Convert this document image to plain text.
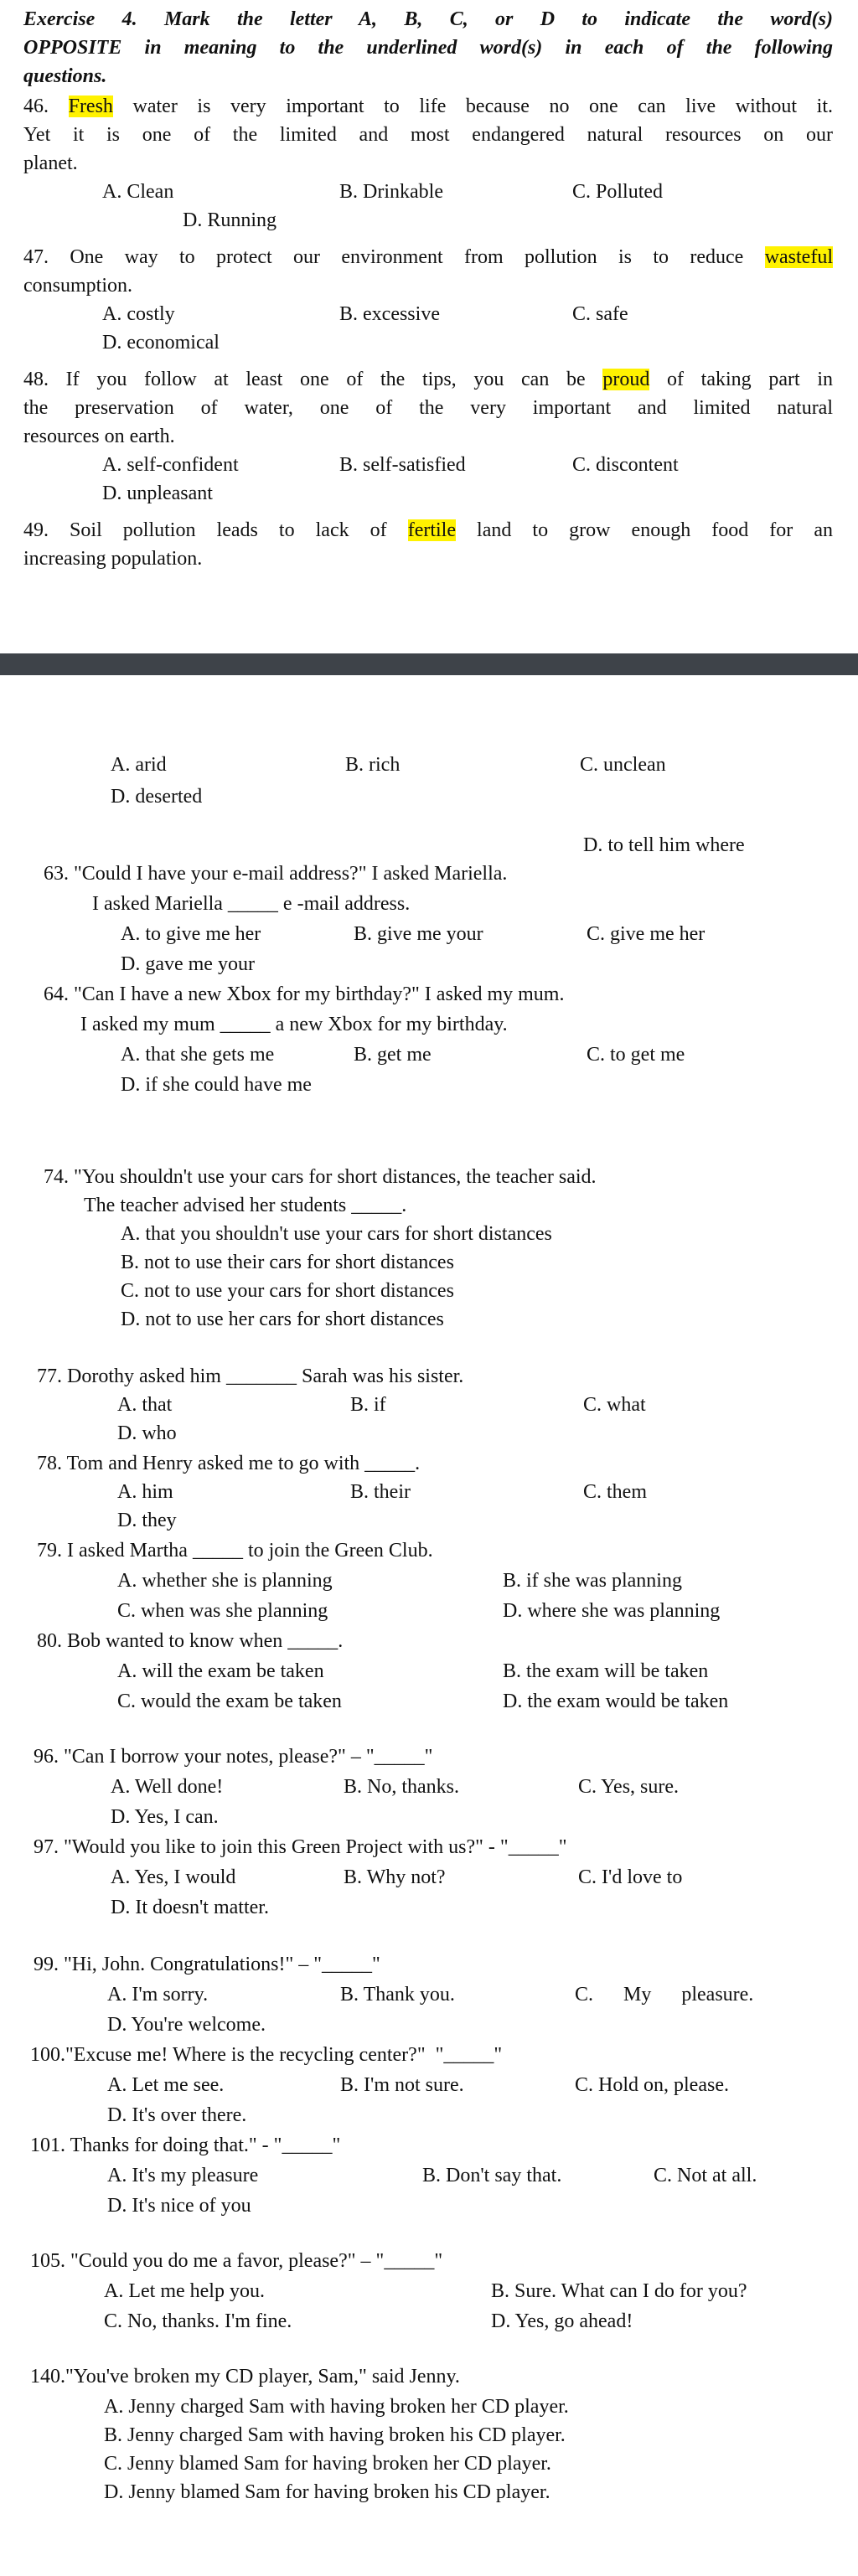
Exercise 4. Mark the letter A, B, C, or D to indicate the word(s)
OPPOSITE in meaning to the underlined word(s) in each of the following
questions.
46. Fresh water is very important to life because no one can live without it.
Yet it is one of the limited and most endangered natural resources on our
planet.
A. Clean	B. Drinkable	C. Polluted
D. Running
47. One way to protect our environment from pollution is to reduce wasteful
consumption.
A. costly	B. excessive	C. safe
D. economical
48. If you follow at least one of the tips, you can be proud of taking part in
the preservation of water, one of the very important and limited natural
resources on earth.
A. self-confident	B. self-satisfied	C. discontent
D. unpleasant
49. Soil pollution leads to lack of fertile land to grow enough food for an
increasing population.
A. arid	B. rich	C. unclean
D. deserted
D. to tell him where
63. "Could I have your e-mail address?" I asked Mariella.
I asked Mariella _____ e -mail address.
A. to give me her	B. give me your	C. give me her
D. gave me your
64. "Can I have a new Xbox for my birthday?" I asked my mum.
I asked my mum _____ a new Xbox for my birthday.
A. that she gets me	B. get me	C. to get me
D. if she could have me
74. "You shouldn't use your cars for short distances, the teacher said.
The teacher advised her students _____.
A. that you shouldn't use your cars for short distances
B. not to use their cars for short distances
C. not to use your cars for short distances
D. not to use her cars for short distances
77. Dorothy asked him _______ Sarah was his sister.
A. that	B. if	C. what
D. who
78. Tom and Henry asked me to go with _____.
A. him	B. their	C. them
D. they
79. I asked Martha _____ to join the Green Club.
A. whether she is planning	B. if she was planning
C. when was she planning	D. where she was planning
80. Bob wanted to know when _____.
A. will the exam be taken	B. the exam will be taken
C. would the exam be taken	D. the exam would be taken
96. "Can I borrow your notes, please?" – "_____"
A. Well done!	B. No, thanks.	C. Yes, sure.
D. Yes, I can.
97. "Would you like to join this Green Project with us?" - "_____"
A. Yes, I would	B. Why not?	C. I'd love to
D. It doesn't matter.
99. "Hi, John. Congratulations!" – "_____"
A. I'm sorry.	B. Thank you.	C.      My      pleasure.
D. You're welcome.
100."Excuse me! Where is the recycling center?"  "_____"
A. Let me see.	B. I'm not sure.	C. Hold on, please.
D. It's over there.
101. Thanks for doing that." - "_____"
A. It's my pleasure	B. Don't say that.	C. Not at all.
D. It's nice of you
105. "Could you do me a favor, please?" – "_____"
A. Let me help you.	B. Sure. What can I do for you?
C. No, thanks. I'm fine.	D. Yes, go ahead!
140."You've broken my CD player, Sam," said Jenny.
A. Jenny charged Sam with having broken her CD player.
B. Jenny charged Sam with having broken his CD player.
C. Jenny blamed Sam for having broken her CD player.
D. Jenny blamed Sam for having broken his CD player.
